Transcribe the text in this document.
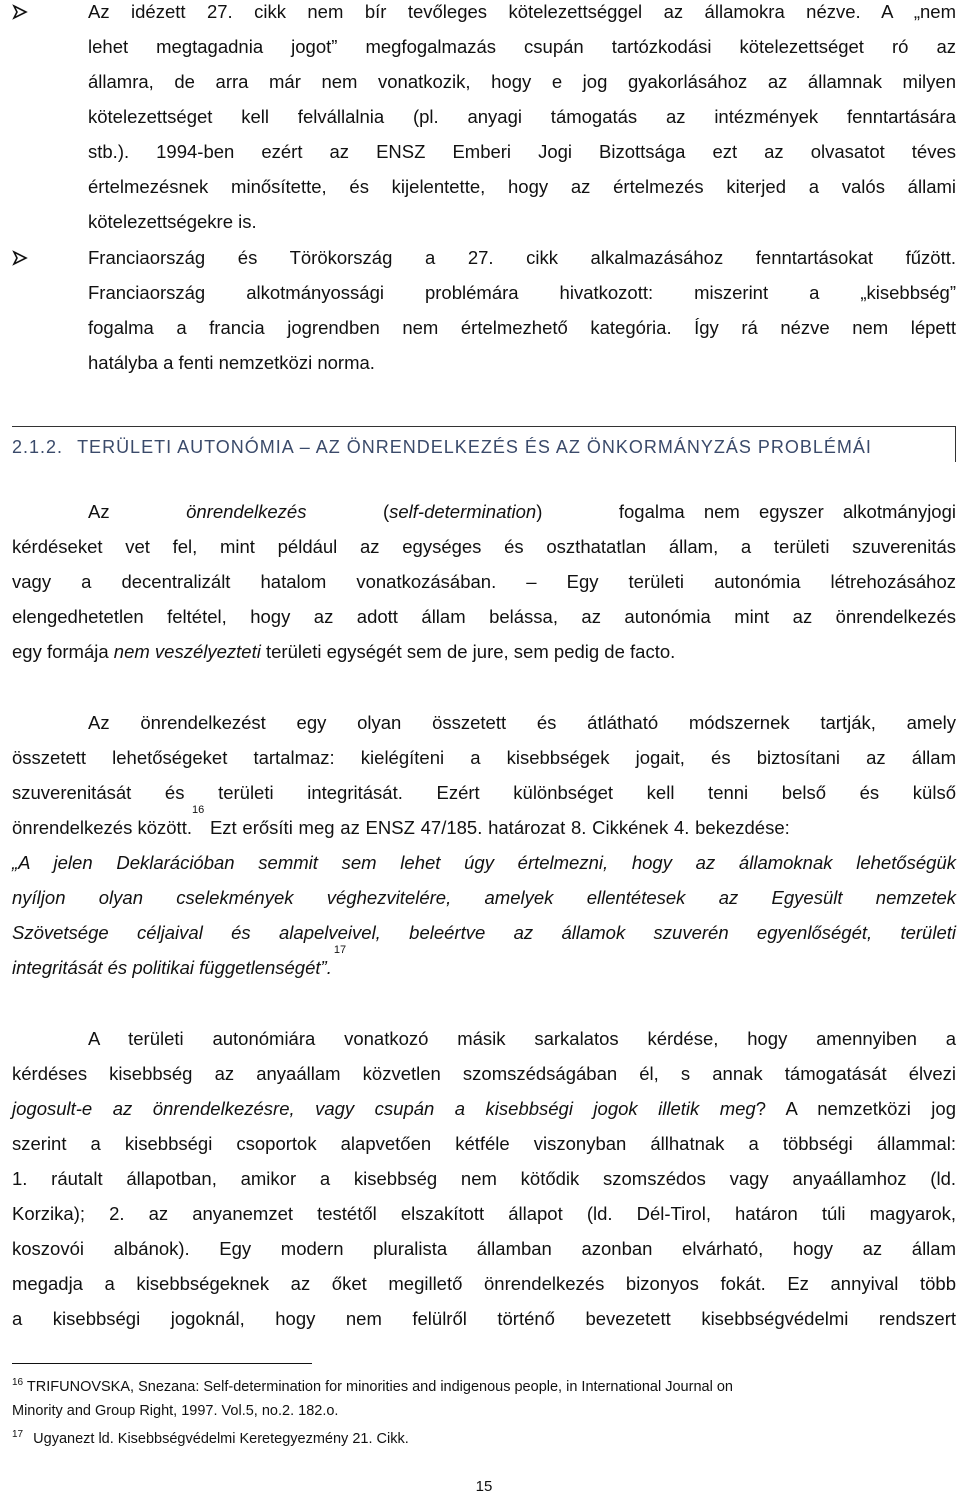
Az idézett 27. cikk nem bír tevőleges kötelezettséggel az államokra nézve. A „nem
lehet megtagadnia jogot” megfogalmazás csupán tartózkodási kötelezettséget ró az
államra, de arra már nem vonatkozik, hogy e jog gyakorlásához az államnak milyen
kötelezettséget kell felvállalnia (pl. anyagi támogatás az intézmények fenntartására
stb.). 1994-ben ezért az ENSZ Emberi Jogi Bizottsága ezt az olvasatot téves
értelmezésnek minősítette, és kijelentette, hogy az értelmezés kiterjed a valós állami
kötelezettségekre is.
Franciaország és Törökország a 27. cikk alkalmazásához fenntartásokat fűzött.
Franciaország alkotmányossági problémára hivatkozott: miszerint a „kisebbség”
fogalma a francia jogrendben nem értelmezhető kategória. Így rá nézve nem lépett
hatályba a fenti nemzetközi norma.
2.1.2. TERÜLETI AUTONÓMIA – AZ ÖNRENDELKEZÉS ÉS AZ ÖNKORMÁNYZÁS PROBLÉMÁI
Az	önrendelkezés	(self-determination)	fogalma nem egyszer alkotmányjogi
kérdéseket vet fel, mint például az egységes és oszthatatlan állam, a területi szuverenitás
vagy a decentralizált hatalom vonatkozásában. – Egy területi autonómia létrehozásához
elengedhetetlen feltétel, hogy az adott állam belássa, az autonómia mint az önrendelkezés
egy formája nem veszélyezteti területi egységét sem de jure, sem pedig de facto.
Az önrendelkezést egy olyan összetett és átlátható módszernek tartják, amely
összetett lehetőségeket tartalmaz: kielégíteni a kisebbségek jogait, és biztosítani az állam
szuverenitását és területi integritását. Ezért különbséget kell tenni belső és külső
önrendelkezés között.
16
Ezt erősíti meg az ENSZ 47/185. határozat 8. Cikkének 4. bekezdése:
„A jelen Deklarációban semmit sem lehet úgy értelmezni, hogy az államoknak lehetőségük
nyíljon olyan cselekmények véghezvitelére, amelyek ellentétesek az Egyesült nemzetek
Szövetsége céljaival és alapelveivel, beleértve az államok szuverén egyenlőségét, területi
integritását és politikai függetlenségét”.
17
A területi autonómiára vonatkozó másik sarkalatos kérdése, hogy amennyiben a
kérdéses kisebbség az anyaállam közvetlen szomszédságában él, s annak támogatását élvezi
jogosult-e az önrendelkezésre, vagy csupán a kisebbségi jogok illetik meg? A nemzetközi jog
szerint a kisebbségi csoportok alapvetően kétféle viszonyban állhatnak a többségi állammal:
1. ráutalt állapotban, amikor a kisebbség nem kötődik szomszédos vagy anyaállamhoz (ld.
Korzika); 2. az anyanemzet testétől elszakított állapot (ld. Dél-Tirol, határon túli magyarok,
koszovói albánok). Egy modern pluralista államban azonban elvárható, hogy az állam
megadja a kisebbségeknek az őket megillető önrendelkezés bizonyos fokát. Ez annyival több
a kisebbségi jogoknál, hogy nem felülről történő bevezetett kisebbségvédelmi rendszert
$^{16}$ TRIFUNOVSKA, Snezana: Self-determination for minorities and indigenous people, in International Journal on
Minority and Group Right, 1997. Vol.5, no.2. 182.o.
$^{17}$ Ugyanezt ld. Kisebbségvédelmi Keretegyezmény 21. Cikk.
15
